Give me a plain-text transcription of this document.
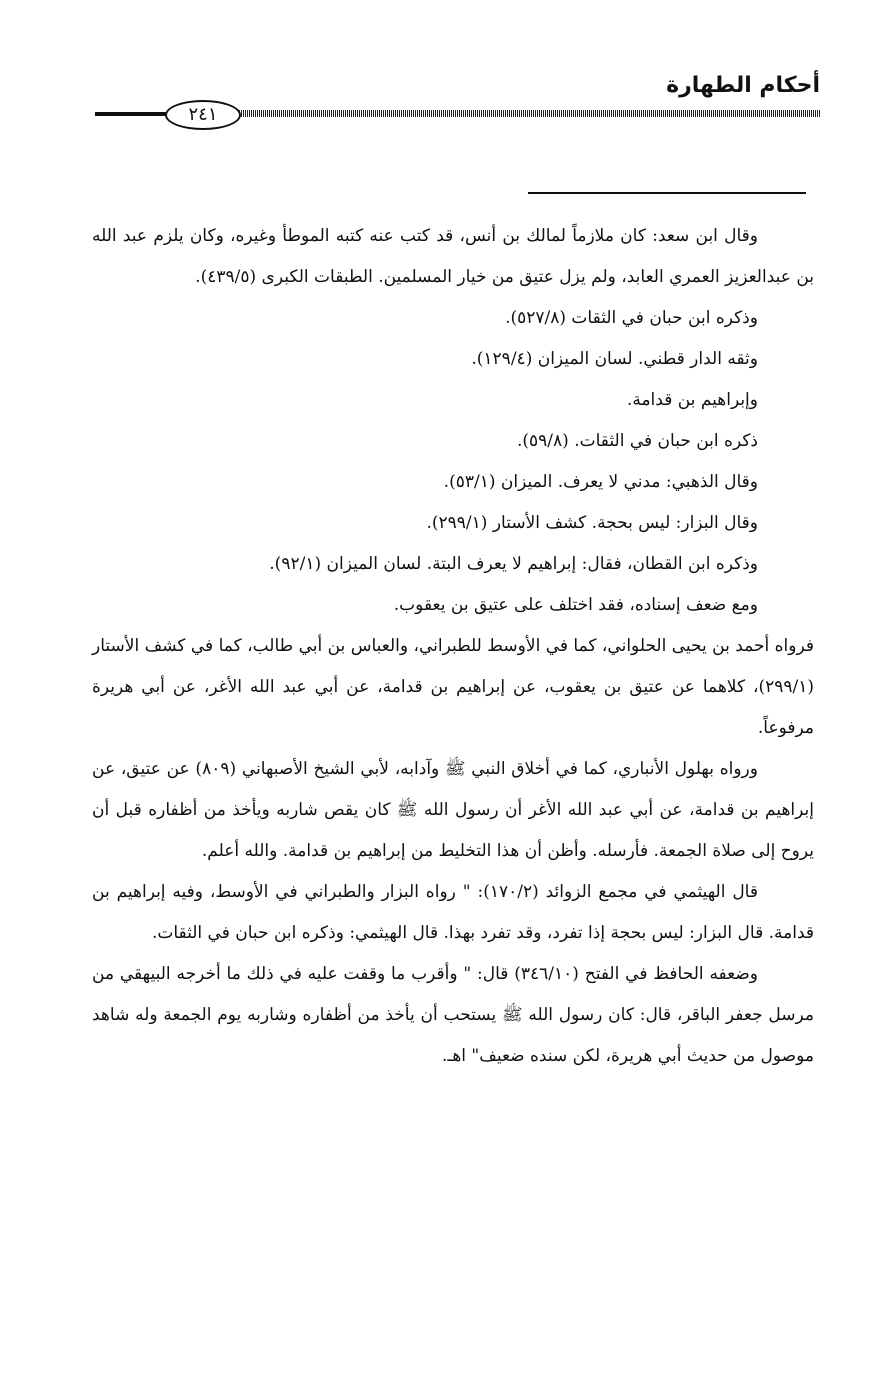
أحكام الطهارة
٢٤١

وقال ابن سعد: كان ملازماً لمالك بن أنس، قد كتب عنه كتبه الموطأ وغيره، وكان يلزم عبد الله بن عبدالعزيز العمري العابد، ولم يزل عتيق من خيار المسلمين. الطبقات الكبرى (٤٣٩/٥).

وذكره ابن حبان في الثقات (٥٢٧/٨).

وثقه الدار قطني. لسان الميزان (١٢٩/٤).

وإبراهيم بن قدامة.

ذكره ابن حبان في الثقات. (٥٩/٨).

وقال الذهبي: مدني لا يعرف. الميزان (٥٣/١).

وقال البزار: ليس بحجة. كشف الأستار (٢٩٩/١).

وذكره ابن القطان، فقال: إبراهيم لا يعرف البتة. لسان الميزان (٩٢/١).

ومع ضعف إسناده، فقد اختلف على عتيق بن يعقوب.

فرواه أحمد بن يحيى الحلواني، كما في الأوسط للطبراني، والعباس بن أبي طالب، كما في كشف الأستار (٢٩٩/١)، كلاهما عن عتيق بن يعقوب، عن إبراهيم بن قدامة، عن أبي عبد الله الأغر، عن أبي هريرة مرفوعاً.

ورواه بهلول الأنباري، كما في أخلاق النبي ﷺ وآدابه، لأبي الشيخ الأصبهاني (٨٠٩) عن عتيق، عن إبراهيم بن قدامة، عن أبي عبد الله الأغر أن رسول الله ﷺ كان يقص شاربه ويأخذ من أظفاره قبل أن يروح إلى صلاة الجمعة. فأرسله. وأظن أن هذا التخليط من إبراهيم بن قدامة. والله أعلم.

قال الهيثمي في مجمع الزوائد (١٧٠/٢): " رواه البزار والطبراني في الأوسط، وفيه إبراهيم بن قدامة. قال البزار: ليس بحجة إذا تفرد، وقد تفرد بهذا. قال الهيثمي: وذكره ابن حبان في الثقات.

وضعفه الحافظ في الفتح (٣٤٦/١٠) قال: " وأقرب ما وقفت عليه في ذلك ما أخرجه البيهقي من مرسل جعفر الباقر، قال: كان رسول الله ﷺ يستحب أن يأخذ من أظفاره وشاربه يوم الجمعة وله شاهد موصول من حديث أبي هريرة، لكن سنده ضعيف" اهـ.
